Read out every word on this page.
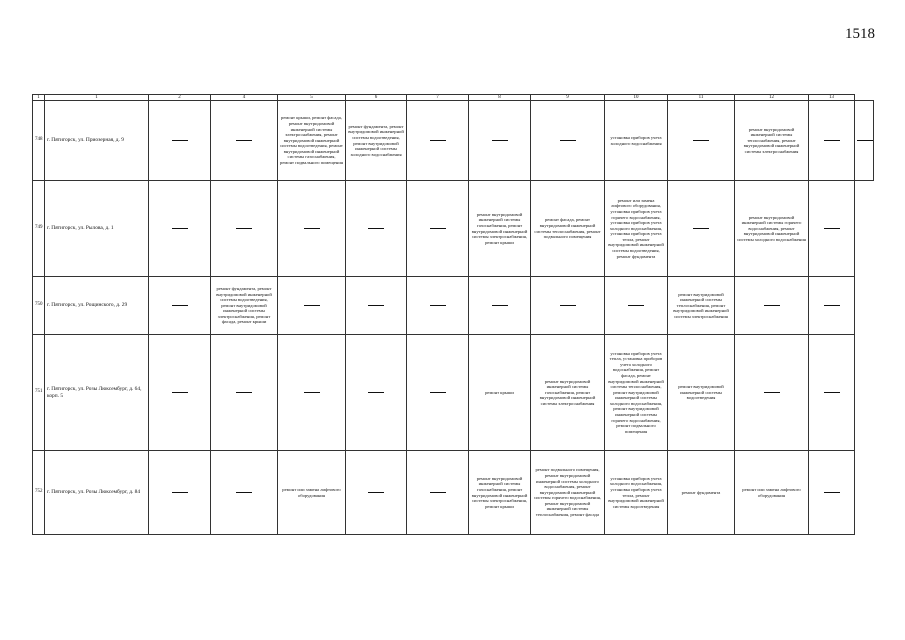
1518
1	1	2	4	5	6	7	8	9	10	11	12	13	
748	г. Пятигорск, ул. Приозерная, д. 9			ремонт крыши, ремонт фасада, ремонт внутридомовой инженерной системы электроснабжения, ремонт внутридомовой инженерной системы водоотведения, ремонт внутридомовой инженерной системы газоснабжения, ремонт подвального помещения	ремонт фундамента, ремонт внутридомовой инженерной системы водоотведения, ремонт внутридомовой инженерной системы холодного водоснабжения				установка приборов учета холодного водоснабжения		ремонт внутридомовой инженерной системы теплоснабжения, ремонт внутридомовой инженерной системы электроснабжения		
749	г. Пятигорск, ул. Рылова, д. 1						ремонт внутридомовой инженерной системы газоснабжения, ремонт внутридомовой инженерной системы электроснабжения, ремонт крыши	ремонт фасада, ремонт внутридомовой инженерной системы теплоснабжения, ремонт подвального помещения	ремонт или замена лифтового оборудования, установка приборов учета горячего водоснабжения, установка приборов учета холодного водоснабжения, установка приборов учета тепла, ремонт внутридомовой инженерной системы водоотведения, ремонт фундамента		ремонт внутридомовой инженерной системы горячего водоснабжения, ремонт внутридомовой инженерной системы холодного водоснабжения		
750	г. Пятигорск, ул. Рощинского, д. 29		ремонт фундамента, ремонт внутридомовой инженерной системы водоотведения, ремонт внутридомовой инженерной системы электроснабжения, ремонт фасада, ремонт крыши							ремонт внутридомовой инженерной системы теплоснабжения, ремонт внутридомовой инженерной системы электроснабжения			
751	г. Пятигорск, ул. Розы Люксембург, д. 64, корп. 5						ремонт крыши	ремонт внутридомовой инженерной системы газоснабжения, ремонт внутридомовой инженерной системы электроснабжения	установка приборов учета тепла, установка приборов учета холодного водоснабжения, ремонт фасада, ремонт внутридомовой инженерной системы теплоснабжения, ремонт внутридомовой инженерной системы холодного водоснабжения, ремонт внутридомовой инженерной системы горячего водоснабжения, ремонт подвального помещения	ремонт внутридомовой инженерной системы водоотведения			
752	г. Пятигорск, ул. Розы Люксембург, д. 84			ремонт или замена лифтового оборудования			ремонт внутридомовой инженерной системы газоснабжения, ремонт внутридомовой инженерной системы электроснабжения, ремонт крыши	ремонт подвального помещения, ремонт внутридомовой инженерной системы холодного водоснабжения, ремонт внутридомовой инженерной системы горячего водоснабжения, ремонт внутридомовой инженерной системы теплоснабжения, ремонт фасада	установка приборов учета холодного водоснабжения, установка приборов учета тепла, ремонт внутридомовой инженерной системы водоотведения	ремонт фундамента	ремонт или замена лифтового оборудования		
